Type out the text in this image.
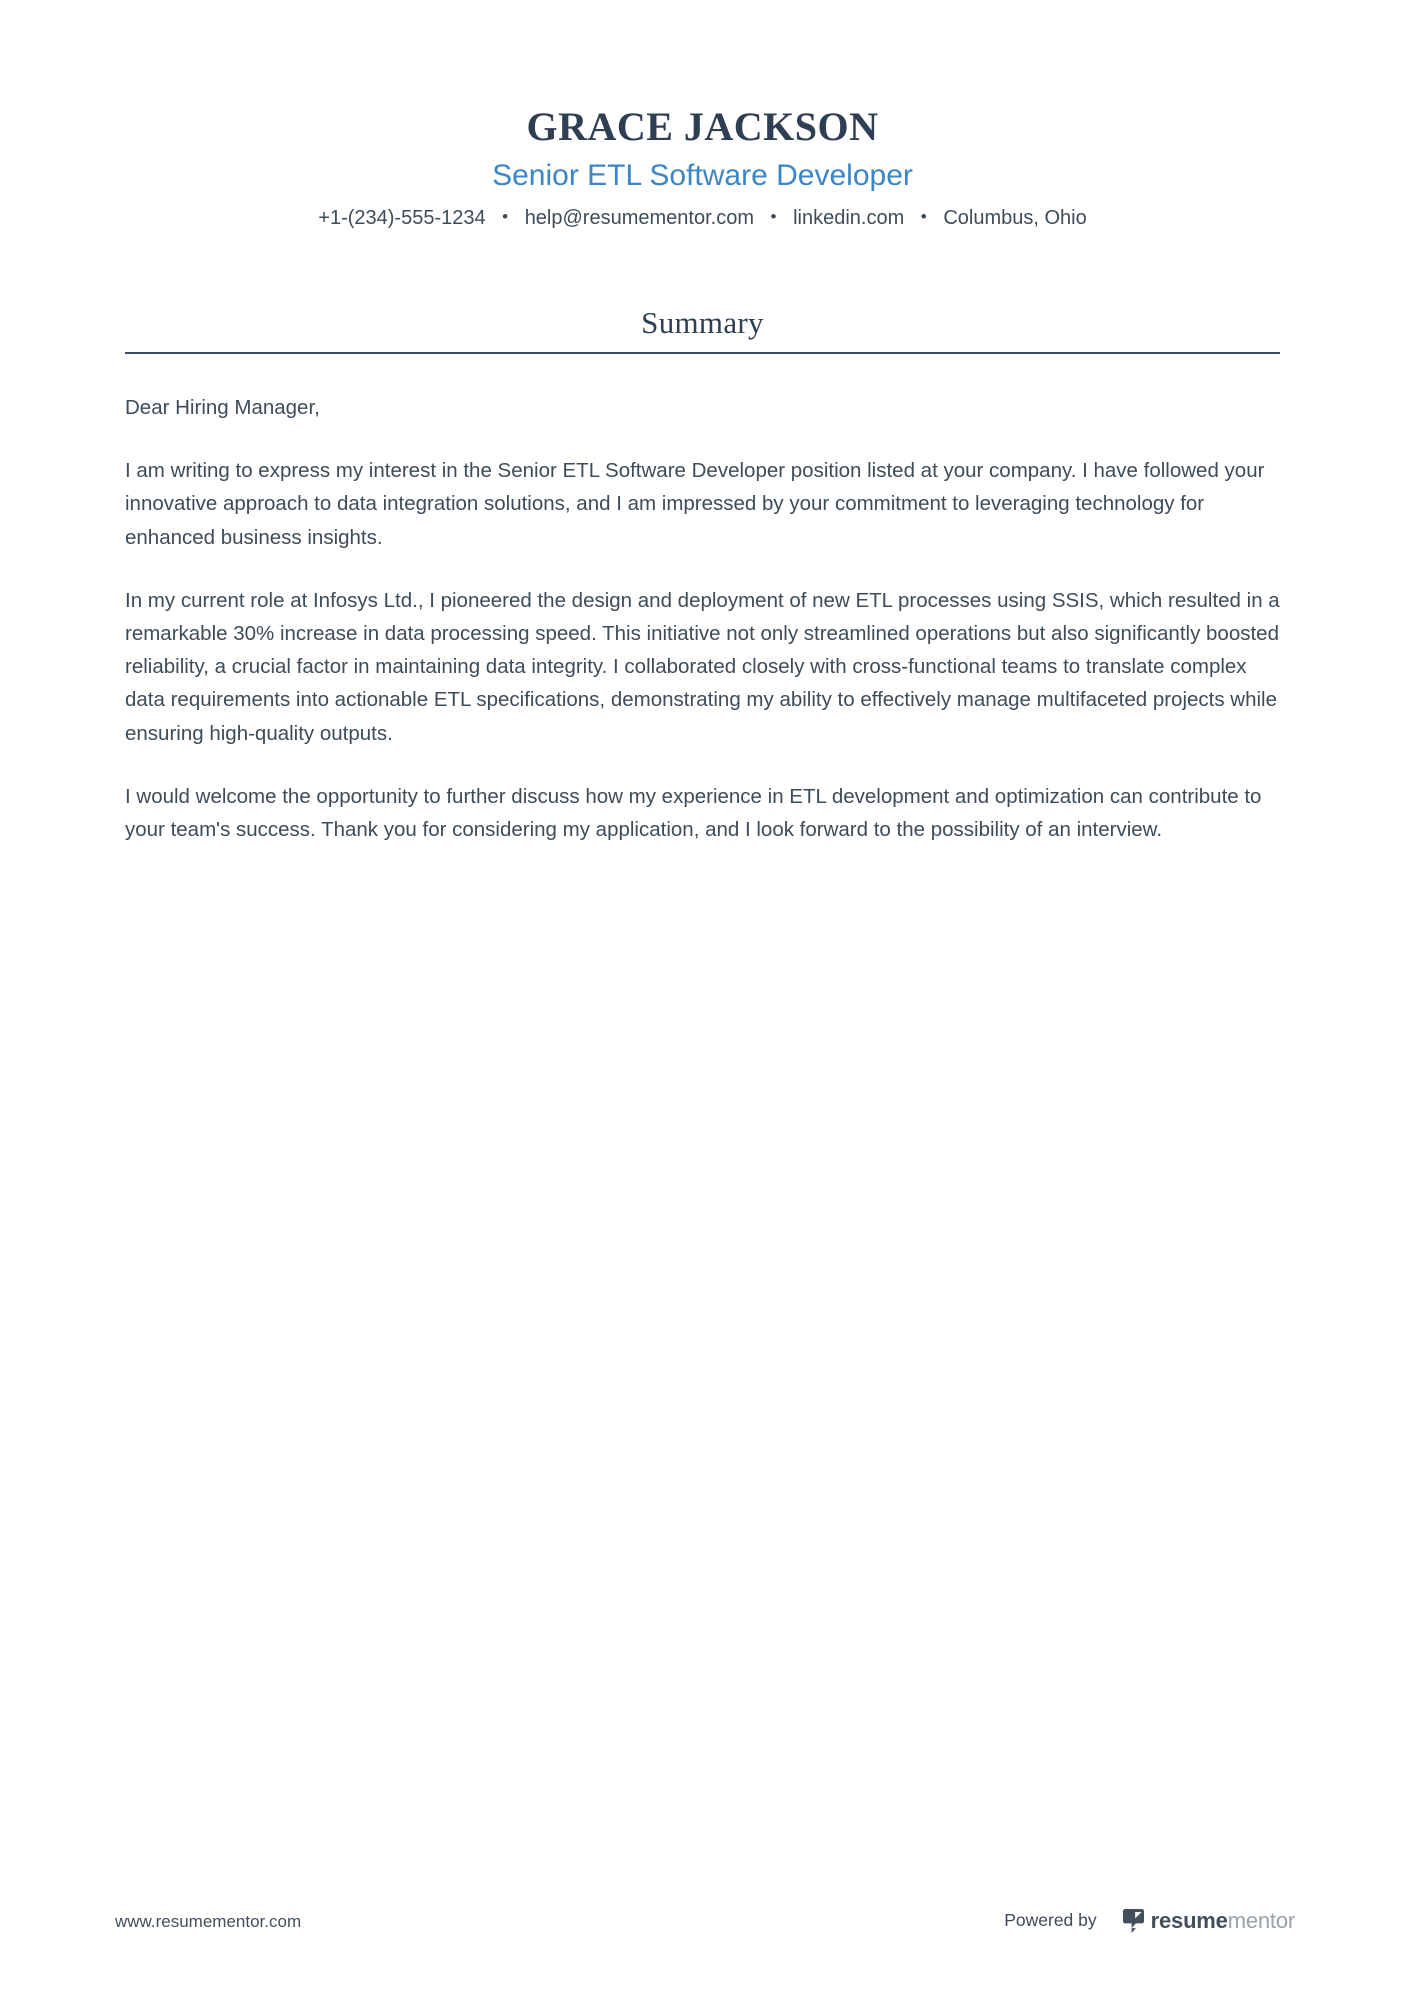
GRACE JACKSON
Senior ETL Software Developer
+1-(234)-555-1234 • help@resumementor.com • linkedin.com • Columbus, Ohio
Summary

Dear Hiring Manager,

I am writing to express my interest in the Senior ETL Software Developer position listed at your company. I have followed your innovative approach to data integration solutions, and I am impressed by your commitment to leveraging technology for enhanced business insights.

In my current role at Infosys Ltd., I pioneered the design and deployment of new ETL processes using SSIS, which resulted in a remarkable 30% increase in data processing speed. This initiative not only streamlined operations but also significantly boosted reliability, a crucial factor in maintaining data integrity. I collaborated closely with cross-functional teams to translate complex data requirements into actionable ETL specifications, demonstrating my ability to effectively manage multifaceted projects while ensuring high-quality outputs.

I would welcome the opportunity to further discuss how my experience in ETL development and optimization can contribute to your team's success. Thank you for considering my application, and I look forward to the possibility of an interview.

www.resumementor.com	Powered by resumementor
